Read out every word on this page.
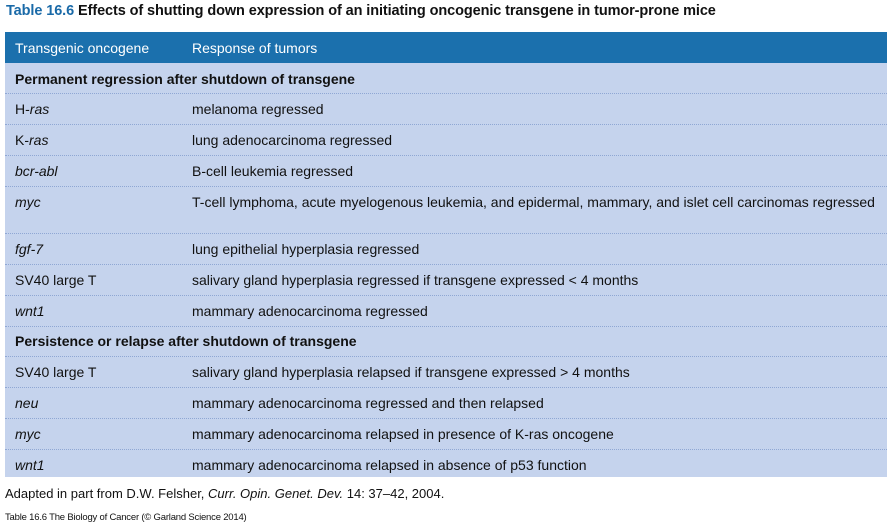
Table 16.6 Effects of shutting down expression of an initiating oncogenic transgene in tumor-prone mice
Transgenic oncogene	Response of tumors
Permanent regression after shutdown of transgene
H-ras	melanoma regressed
K-ras	lung adenocarcinoma regressed
bcr-abl	B-cell leukemia regressed
myc	T-cell lymphoma, acute myelogenous leukemia, and epidermal, mammary, and islet cell carcinomas regressed
fgf-7	lung epithelial hyperplasia regressed
SV40 large T	salivary gland hyperplasia regressed if transgene expressed < 4 months
wnt1	mammary adenocarcinoma regressed
Persistence or relapse after shutdown of transgene
SV40 large T	salivary gland hyperplasia relapsed if transgene expressed > 4 months
neu	mammary adenocarcinoma regressed and then relapsed
myc	mammary adenocarcinoma relapsed in presence of K-ras oncogene
wnt1	mammary adenocarcinoma relapsed in absence of p53 function
Adapted in part from D.W. Felsher, Curr. Opin. Genet. Dev. 14: 37–42, 2004.
Table 16.6 The Biology of Cancer (© Garland Science 2014)
